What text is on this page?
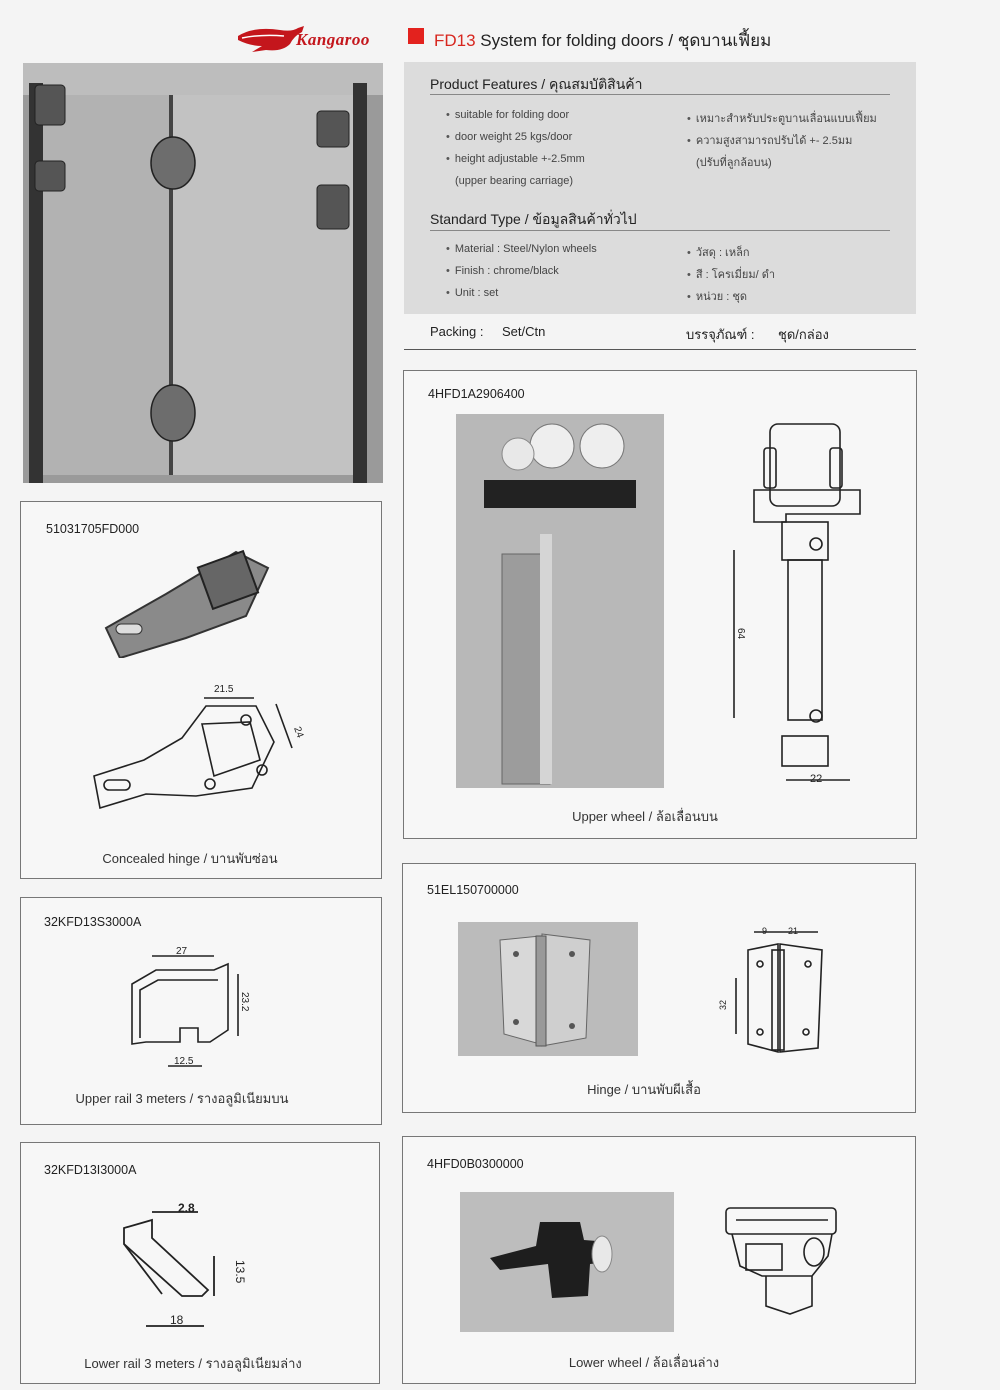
Kangaroo	FD13 System for folding doors / ชุดบานเฟี้ยม
Product Features / คุณสมบัติสินค้า
• suitable for folding door
• door weight 25 kgs/door
• height adjustable +-2.5mm
(upper bearing carriage)
• เหมาะสำหรับประตูบานเลื่อนแบบเฟี้ยม
• ความสูงสามารถปรับได้ +- 2.5มม
(ปรับที่ลูกล้อบน)
Standard Type / ข้อมูลสินค้าทั่วไป
• Material : Steel/Nylon wheels
• Finish : chrome/black
• Unit : set
• วัสดุ : เหล็ก
• สี : โครเมี่ยม/ ดำ
• หน่วย : ชุด
Packing : Set/Ctn	บรรจุภัณฑ์ : ชุด/กล่อง
51031705FD000
21.5
24
Concealed hinge / บานพับซ่อน
32KFD13S3000A
27
23.2
12.5
Upper rail 3 meters / รางอลูมิเนียมบน
32KFD13I3000A
2.8
13.5
18
Lower rail 3 meters / รางอลูมิเนียมล่าง
4HFD1A2906400
64
22
Upper wheel / ล้อเลื่อนบน
51EL150700000
9 21
32
Hinge / บานพับผีเสื้อ
4HFD0B0300000
Lower wheel / ล้อเลื่อนล่าง
